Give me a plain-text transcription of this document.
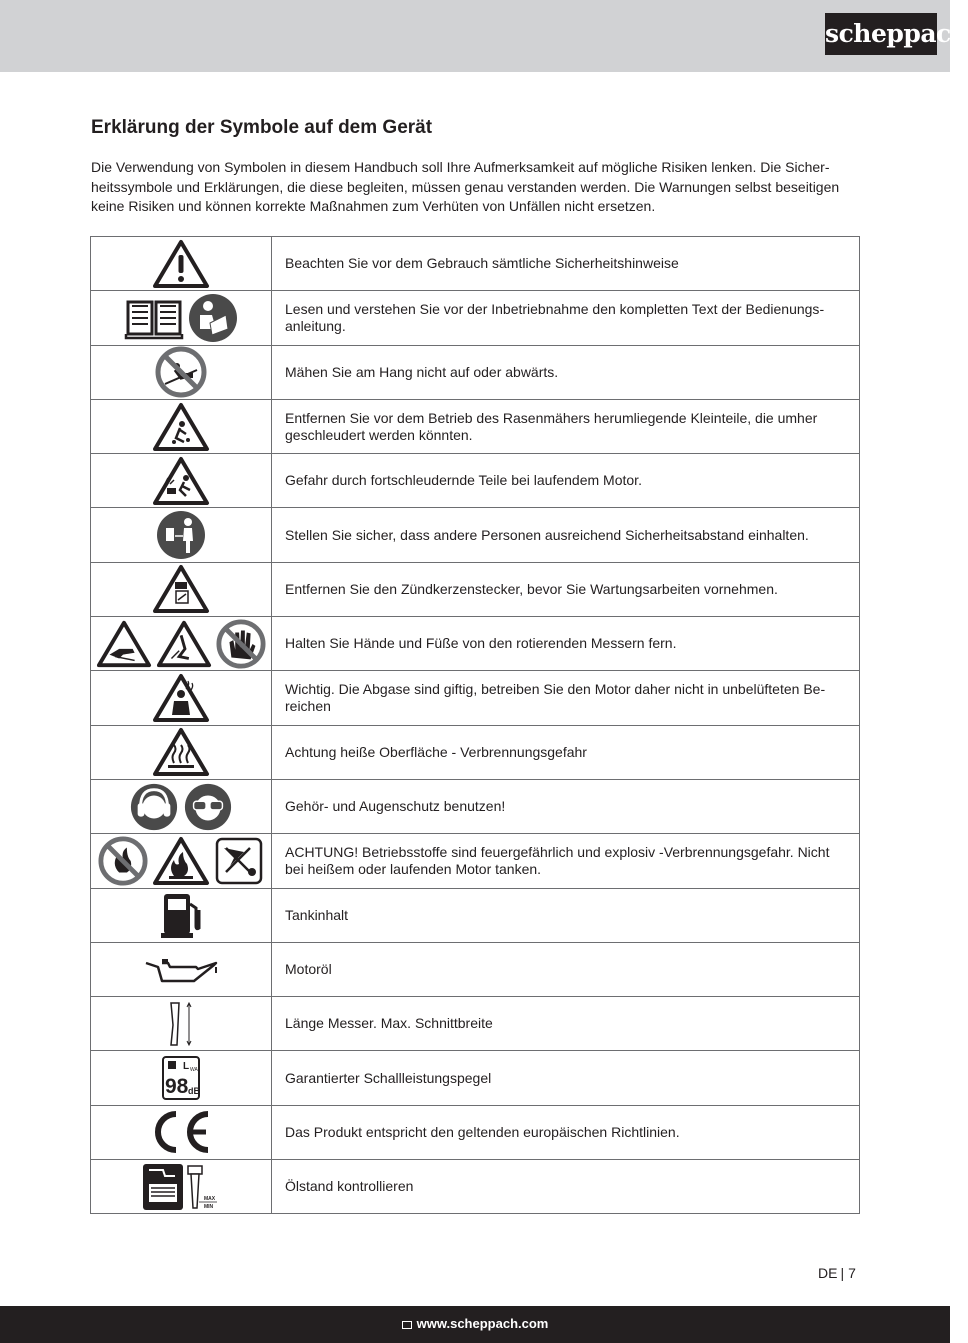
scheppach
Erklärung der Symbole auf dem Gerät

Die Verwendung von Symbolen in diesem Handbuch soll Ihre Aufmerksamkeit auf mögliche Risiken lenken. Die Sicherheitssymbole und Erklärungen, die diese begleiten, müssen genau verstanden werden. Die Warnungen selbst beseitigen keine Risiken und können korrekte Maßnahmen zum Verhüten von Unfällen nicht ersetzen.

	Beachten Sie vor dem Gebrauch sämtliche Sicherheitshinweise
	Lesen und verstehen Sie vor der Inbetriebnahme den kompletten Text der Bedienungsanleitung.
	Mähen Sie am Hang nicht auf oder abwärts.
	Entfernen Sie vor dem Betrieb des Rasenmähers herumliegende Kleinteile, die umher geschleudert werden könnten.
	Gefahr durch fortschleudernde Teile bei laufendem Motor.
	Stellen Sie sicher, dass andere Personen ausreichend Sicherheitsabstand einhalten.
	Entfernen Sie den Zündkerzenstecker, bevor Sie Wartungsarbeiten vornehmen.
	Halten Sie Hände und Füße von den rotierenden Messern fern.
	Wichtig. Die Abgase sind giftig, betreiben Sie den Motor daher nicht in unbelüfteten Bereichen
	Achtung heiße Oberfläche - Verbrennungsgefahr
	Gehör- und Augenschutz benutzen!
	ACHTUNG! Betriebsstoffe sind feuergefährlich und explosiv -Verbrennungsgefahr. Nicht bei heißem oder laufenden Motor tanken.
	Tankinhalt
	Motoröl
	Länge Messer. Max. Schnittbreite

L WA
98 dB	Garantierter Schallleistungspegel
	Das Produkt entspricht den geltenden europäischen Richtlinien.

MAX
MIN	Ölstand kontrollieren
DE | 7
www.scheppach.com
